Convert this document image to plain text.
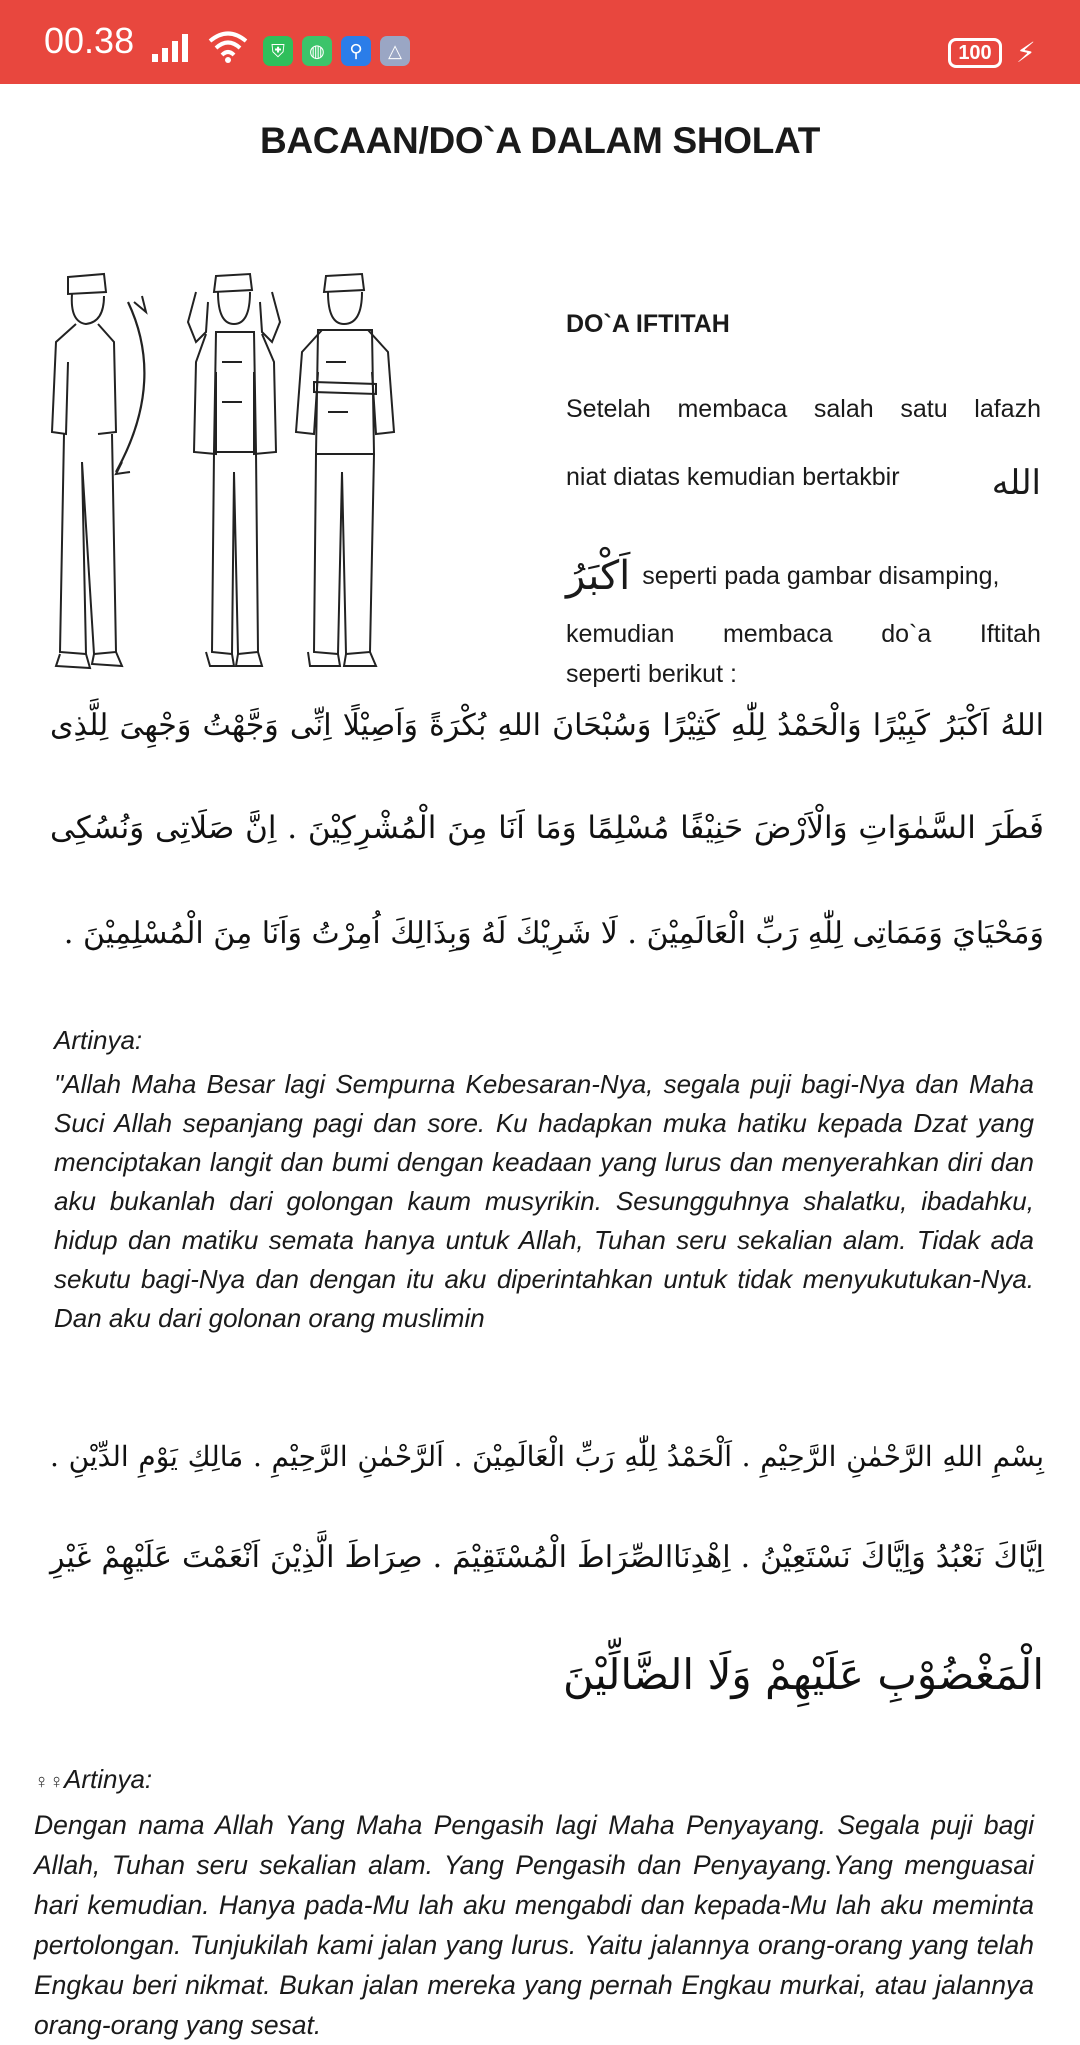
00.38	⛨	◍	⚲	△	100 ⚡
BACAAN/DO`A DALAM SHOLAT
DO`A IFTITAH
Setelah membaca salah satu lafazh
niat diatas kemudian bertakbir	الله
اَكْبَرُ seperti pada gambar disamping,
kemudian membaca do`a Iftitah
seperti berikut :
اللهُ اَكْبَرُ كَبِيْرًا وَالْحَمْدُ لِلّٰهِ كَثِيْرًا وَسُبْحَانَ اللهِ بُكْرَةً وَاَصِيْلًا اِنِّى وَجَّهْتُ وَجْهِىَ لِلَّذِى
فَطَرَ السَّمٰوَاتِ وَالْاَرْضَ حَنِيْفًا مُسْلِمًا وَمَا اَنَا مِنَ الْمُشْرِكِيْنَ . اِنَّ صَلَاتِى وَنُسُكِى
وَمَحْيَايَ وَمَمَاتِى لِلّٰهِ رَبِّ الْعَالَمِيْنَ . لَا شَرِيْكَ لَهُ وَبِذَالِكَ اُمِرْتُ وَاَنَا مِنَ الْمُسْلِمِيْنَ .
Artinya:
"Allah Maha Besar lagi Sempurna Kebesaran-Nya, segala puji bagi-Nya dan Maha Suci Allah sepanjang pagi dan sore. Ku hadapkan muka hatiku kepada Dzat yang menciptakan langit dan bumi dengan keadaan yang lurus dan menyerahkan diri dan aku bukanlah dari golongan kaum musyrikin. Sesungguhnya shalatku, ibadahku, hidup dan matiku semata hanya untuk Allah, Tuhan seru sekalian alam. Tidak ada sekutu bagi-Nya dan dengan itu aku diperintahkan untuk tidak menyukutukan-Nya. Dan aku dari golonan orang muslimin
بِسْمِ اللهِ الرَّحْمٰنِ الرَّحِيْمِ . اَلْحَمْدُ لِلّٰهِ رَبِّ الْعَالَمِيْنَ . اَلرَّحْمٰنِ الرَّحِيْمِ . مَالِكِ يَوْمِ الدِّيْنِ .
اِيَّاكَ نَعْبُدُ وَاِيَّاكَ نَسْتَعِيْنُ . اِهْدِنَاالصِّرَاطَ الْمُسْتَقِيْمَ . صِرَاطَ الَّذِيْنَ اَنْعَمْتَ عَلَيْهِمْ غَيْرِ
الْمَغْضُوْبِ عَلَيْهِمْ وَلَا الضَّالِّيْنَ
♀♀Artinya:
Dengan nama Allah Yang Maha Pengasih lagi Maha Penyayang. Segala puji bagi Allah, Tuhan seru sekalian alam. Yang Pengasih dan Penyayang.Yang menguasai hari kemudian. Hanya pada-Mu lah aku mengabdi dan kepada-Mu lah aku meminta pertolongan. Tunjukilah kami jalan yang lurus. Yaitu jalannya orang-orang yang telah Engkau beri nikmat. Bukan jalan mereka yang pernah Engkau murkai, atau jalannya orang-orang yang sesat.
